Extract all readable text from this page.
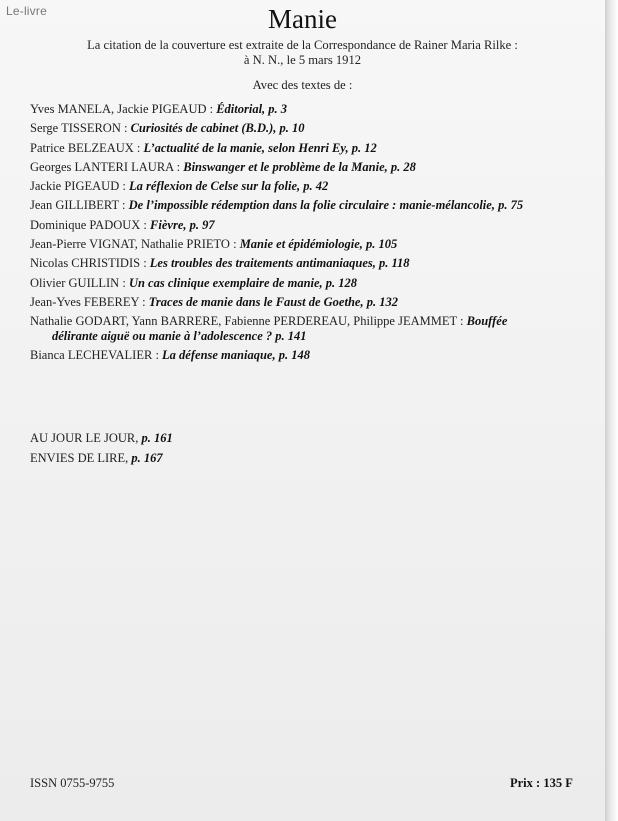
Le-livre	Manie
La citation de la couverture est extraite de la Correspondance de Rainer Maria Rilke :
à N. N., le 5 mars 1912
Avec des textes de :
Yves MANELA, Jackie PIGEAUD : Éditorial, p. 3
Serge TISSERON : Curiosités de cabinet (B.D.), p. 10
Patrice BELZEAUX : L’actualité de la manie, selon Henri Ey, p. 12
Georges LANTERI LAURA : Binswanger et le problème de la Manie, p. 28
Jackie PIGEAUD : La réflexion de Celse sur la folie, p. 42
Jean GILLIBERT : De l’impossible rédemption dans la folie circulaire : manie-mélancolie, p. 75
Dominique PADOUX : Fièvre, p. 97
Jean-Pierre VIGNAT, Nathalie PRIETO : Manie et épidémiologie, p. 105
Nicolas CHRISTIDIS : Les troubles des traitements antimaniaques, p. 118
Olivier GUILLIN : Un cas clinique exemplaire de manie, p. 128
Jean-Yves FEBEREY : Traces de manie dans le Faust de Goethe, p. 132
Nathalie GODART, Yann BARRERE, Fabienne PERDEREAU, Philippe JEAMMET : Bouffée
délirante aiguë ou manie à l’adolescence ? p. 141
Bianca LECHEVALIER : La défense maniaque, p. 148
AU JOUR LE JOUR, p. 161
ENVIES DE LIRE, p. 167
ISSN 0755-9755	Prix : 135 F
